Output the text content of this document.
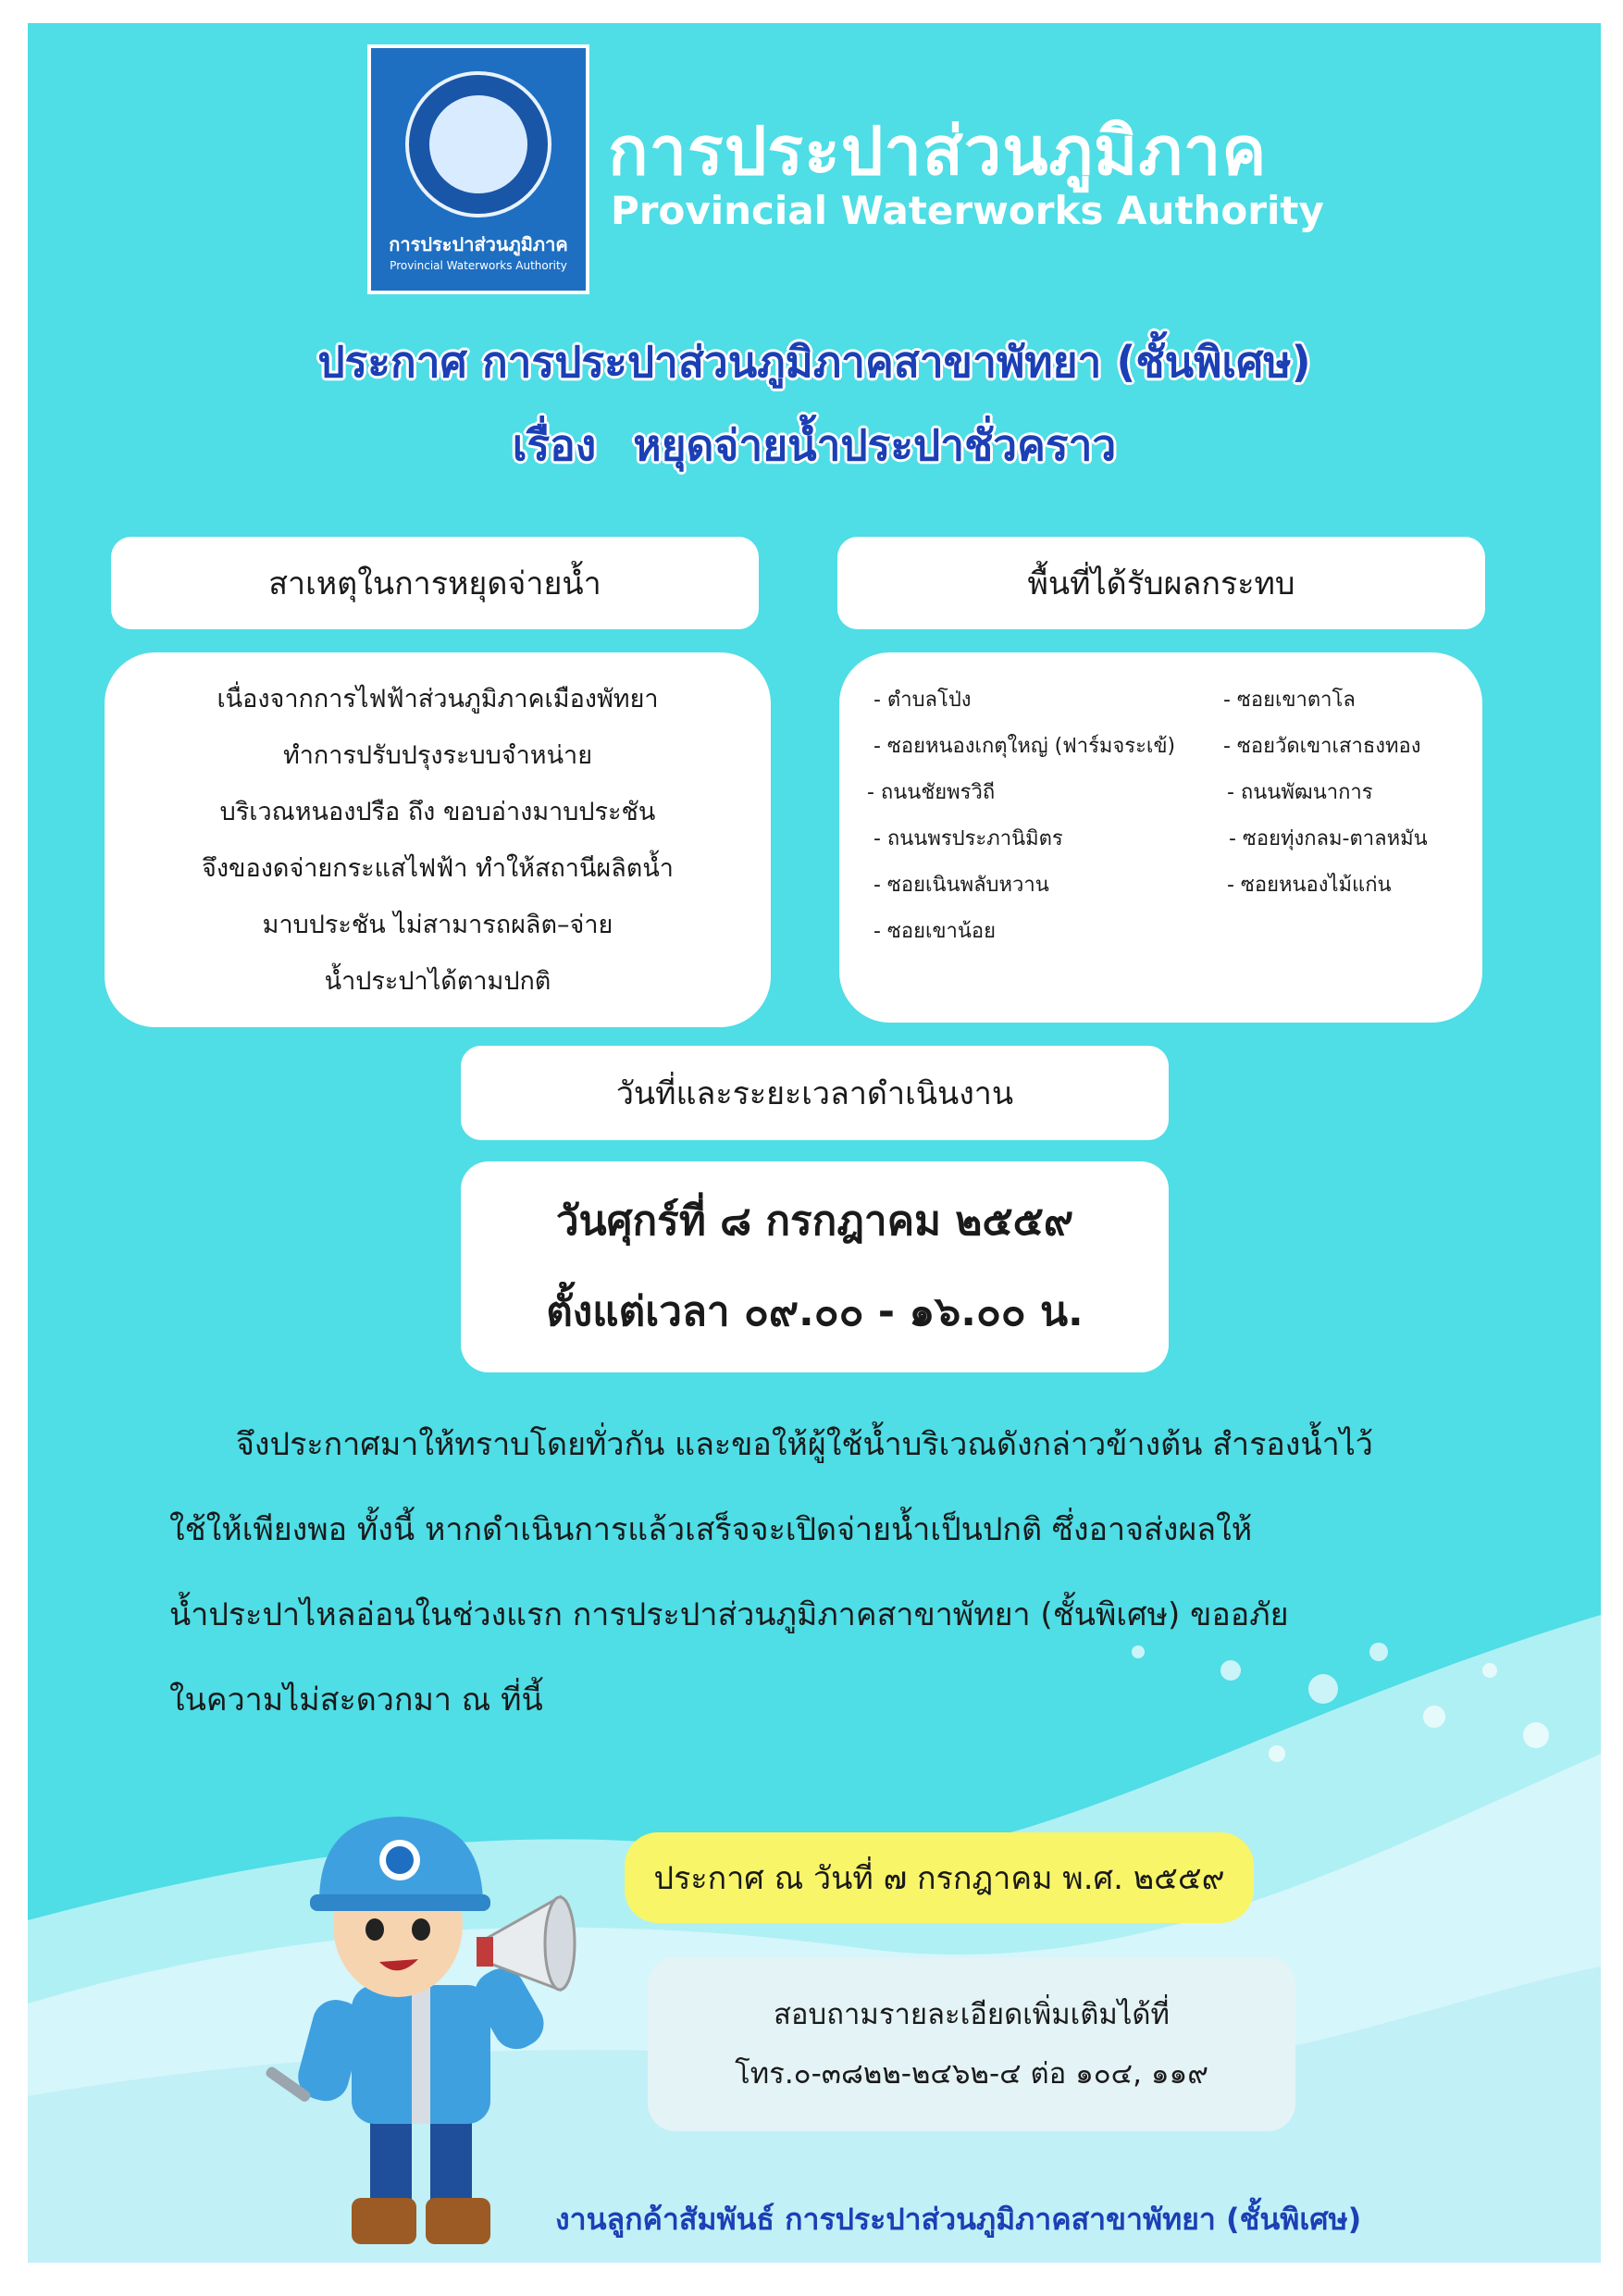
การประปาส่วนภูมิภาค
Provincial Waterworks Authority
การประปาส่วนภูมิภาค
Provincial Waterworks Authority
ประกาศ การประปาส่วนภูมิภาคสาขาพัทยา (ชั้นพิเศษ)
เรื่อง หยุดจ่ายน้ำประปาชั่วคราว
สาเหตุในการหยุดจ่ายน้ำ
เนื่องจากการไฟฟ้าส่วนภูมิภาคเมืองพัทยา
ทำการปรับปรุงระบบจำหน่าย
บริเวณหนองปรือ ถึง ขอบอ่างมาบประชัน
จึงของดจ่ายกระแสไฟฟ้า ทำให้สถานีผลิตน้ำ
มาบประชัน ไม่สามารถผลิต–จ่าย
น้ำประปาได้ตามปกติ
พื้นที่ได้รับผลกระทบ
- ตำบลโป่ง
- ซอยหนองเกตุใหญ่ (ฟาร์มจระเข้)
- ถนนชัยพรวิถี
- ถนนพรประภานิมิตร
- ซอยเนินพลับหวาน
- ซอยเขาน้อย
- ซอยเขาตาโล
- ซอยวัดเขาเสาธงทอง
- ถนนพัฒนาการ
- ซอยทุ่งกลม-ตาลหมัน
- ซอยหนองไม้แก่น
วันที่และระยะเวลาดำเนินงาน
วันศุกร์ที่ ๘ กรกฎาคม ๒๕๕๙
ตั้งแต่เวลา ๐๙.๐๐ - ๑๖.๐๐ น.
จึงประกาศมาให้ทราบโดยทั่วกัน และขอให้ผู้ใช้น้ำบริเวณดังกล่าวข้างต้น สำรองน้ำไว้
ใช้ให้เพียงพอ ทั้งนี้ หากดำเนินการแล้วเสร็จจะเปิดจ่ายน้ำเป็นปกติ ซึ่งอาจส่งผลให้
น้ำประปาไหลอ่อนในช่วงแรก การประปาส่วนภูมิภาคสาขาพัทยา (ชั้นพิเศษ) ขออภัย
ในความไม่สะดวกมา ณ ที่นี้
ประกาศ ณ วันที่ ๗ กรกฎาคม พ.ศ. ๒๕๕๙
สอบถามรายละเอียดเพิ่มเติมได้ที่
โทร.๐-๓๘๒๒-๒๔๖๒-๔ ต่อ ๑๐๔, ๑๑๙
งานลูกค้าสัมพันธ์ การประปาส่วนภูมิภาคสาขาพัทยา (ชั้นพิเศษ)
